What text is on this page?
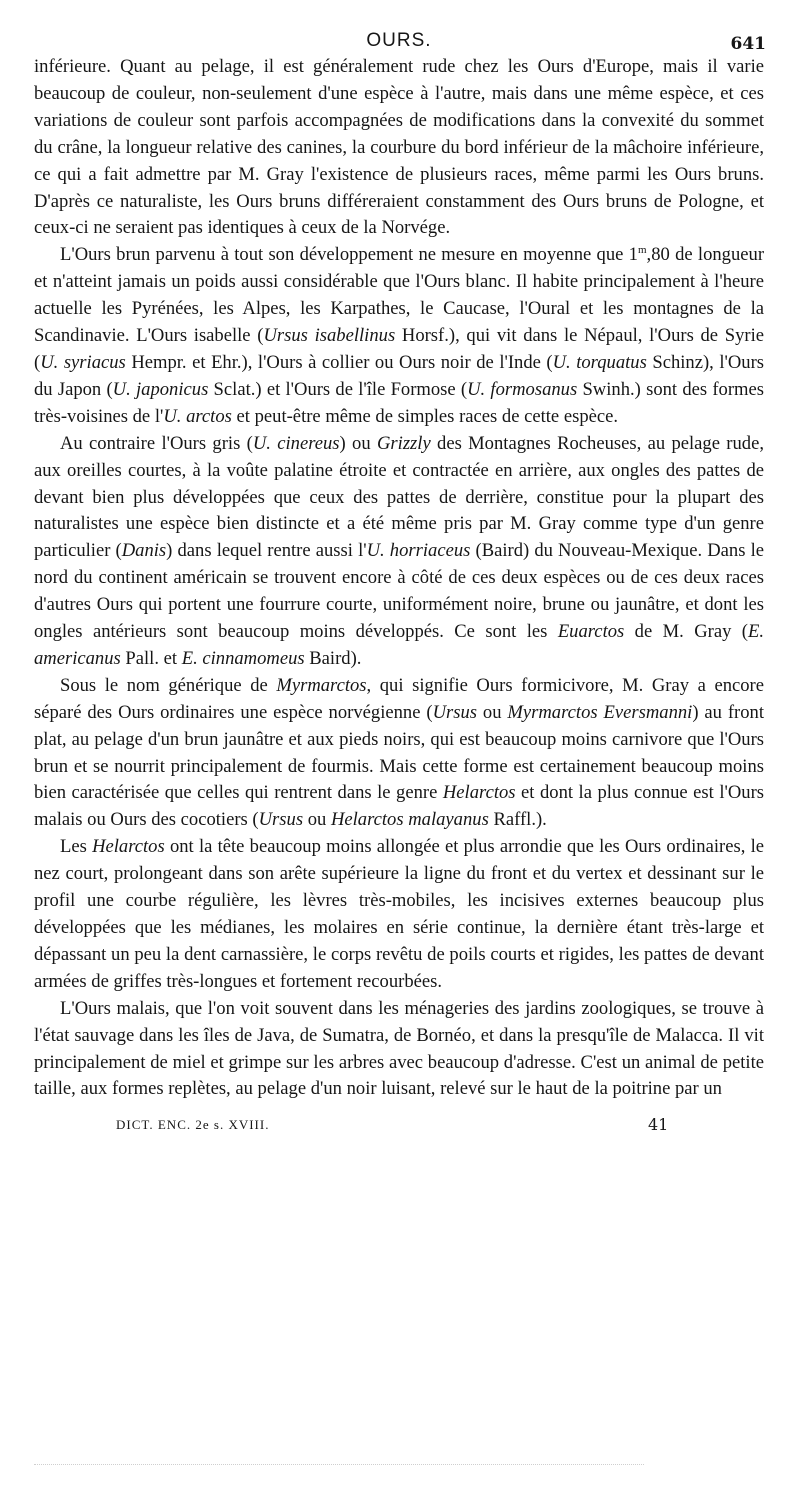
OURS.	641

inférieure. Quant au pelage, il est généralement rude chez les Ours d'Europe, mais il varie beaucoup de couleur, non-seulement d'une espèce à l'autre, mais dans une même espèce, et ces variations de couleur sont parfois accompagnées de modifications dans la convexité du sommet du crâne, la longueur relative des canines, la courbure du bord inférieur de la mâchoire inférieure, ce qui a fait admettre par M. Gray l'existence de plusieurs races, même parmi les Ours bruns. D'après ce naturaliste, les Ours bruns différeraient constamment des Ours bruns de Pologne, et ceux-ci ne seraient pas identiques à ceux de la Norvége.

L'Ours brun parvenu à tout son développement ne mesure en moyenne que 1$^m$,80 de longueur et n'atteint jamais un poids aussi considérable que l'Ours blanc. Il habite principalement à l'heure actuelle les Pyrénées, les Alpes, les Karpathes, le Caucase, l'Oural et les montagnes de la Scandinavie. L'Ours isabelle (Ursus isabellinus Horsf.), qui vit dans le Népaul, l'Ours de Syrie (U. syriacus Hempr. et Ehr.), l'Ours à collier ou Ours noir de l'Inde (U. torquatus Schinz), l'Ours du Japon (U. japonicus Sclat.) et l'Ours de l'île Formose (U. formosanus Swinh.) sont des formes très-voisines de l'U. arctos et peut-être même de simples races de cette espèce.

Au contraire l'Ours gris (U. cinereus) ou Grizzly des Montagnes Rocheuses, au pelage rude, aux oreilles courtes, à la voûte palatine étroite et contractée en arrière, aux ongles des pattes de devant bien plus développées que ceux des pattes de derrière, constitue pour la plupart des naturalistes une espèce bien distincte et a été même pris par M. Gray comme type d'un genre particulier (Danis) dans lequel rentre aussi l'U. horriaceus (Baird) du Nouveau-Mexique. Dans le nord du continent américain se trouvent encore à côté de ces deux espèces ou de ces deux races d'autres Ours qui portent une fourrure courte, uniformément noire, brune ou jaunâtre, et dont les ongles antérieurs sont beaucoup moins développés. Ce sont les Euarctos de M. Gray (E. americanus Pall. et E. cinnamomeus Baird).

Sous le nom générique de Myrmarctos, qui signifie Ours formicivore, M. Gray a encore séparé des Ours ordinaires une espèce norvégienne (Ursus ou Myrmarctos Eversmanni) au front plat, au pelage d'un brun jaunâtre et aux pieds noirs, qui est beaucoup moins carnivore que l'Ours brun et se nourrit principalement de fourmis. Mais cette forme est certainement beaucoup moins bien caractérisée que celles qui rentrent dans le genre Helarctos et dont la plus connue est l'Ours malais ou Ours des cocotiers (Ursus ou Helarctos malayanus Raffl.).

Les Helarctos ont la tête beaucoup moins allongée et plus arrondie que les Ours ordinaires, le nez court, prolongeant dans son arête supérieure la ligne du front et du vertex et dessinant sur le profil une courbe régulière, les lèvres très-mobiles, les incisives externes beaucoup plus développées que les médianes, les molaires en série continue, la dernière étant très-large et dépassant un peu la dent carnassière, le corps revêtu de poils courts et rigides, les pattes de devant armées de griffes très-longues et fortement recourbées.

L'Ours malais, que l'on voit souvent dans les ménageries des jardins zoologiques, se trouve à l'état sauvage dans les îles de Java, de Sumatra, de Bornéo, et dans la presqu'île de Malacca. Il vit principalement de miel et grimpe sur les arbres avec beaucoup d'adresse. C'est un animal de petite taille, aux formes replètes, au pelage d'un noir luisant, relevé sur le haut de la poitrine par un

DICT. ENC. 2e s. XVIII.	41
